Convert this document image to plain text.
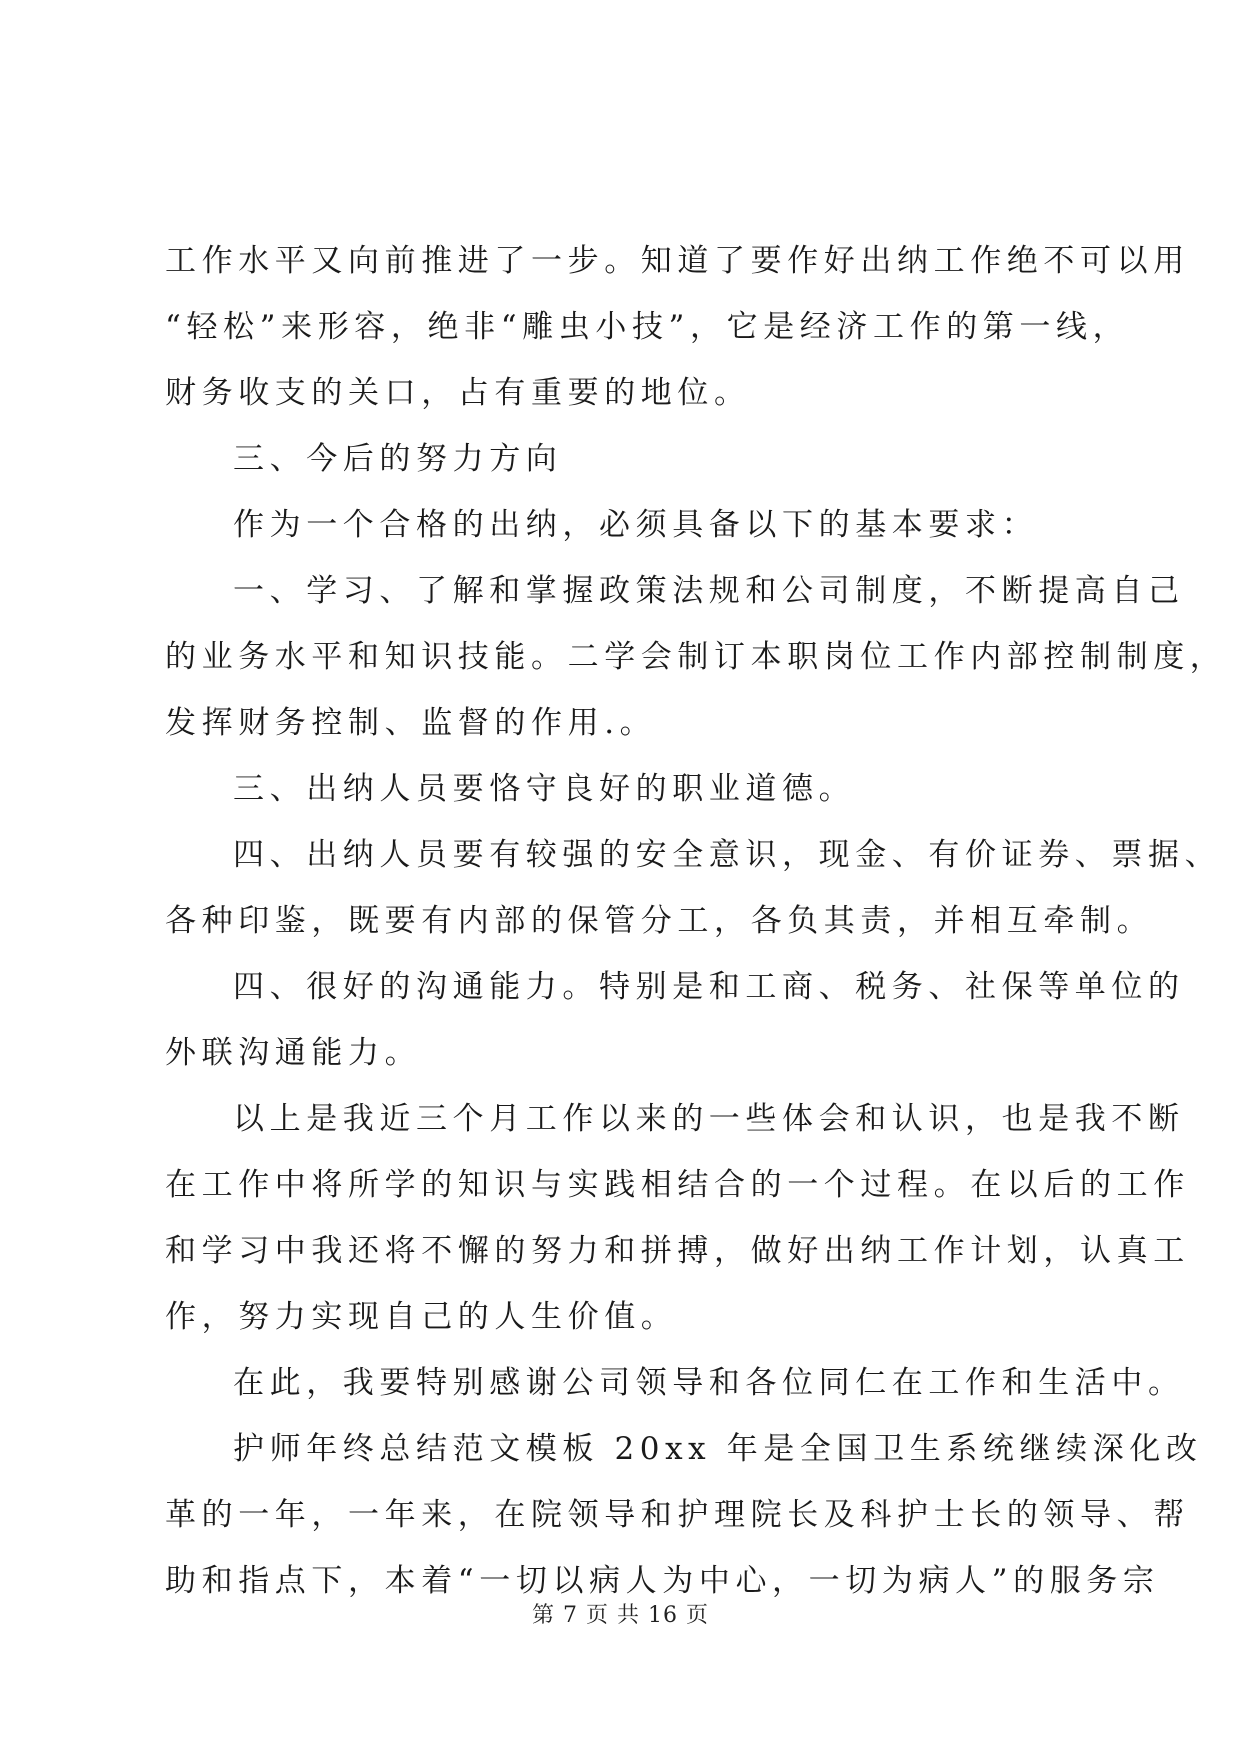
工作水平又向前推进了一步。知道了要作好出纳工作绝不可以用
“轻松”来形容，绝非“雕虫小技”，它是经济工作的第一线，
财务收支的关口，占有重要的地位。
三、今后的努力方向
作为一个合格的出纳，必须具备以下的基本要求：
一、学习、了解和掌握政策法规和公司制度，不断提高自己
的业务水平和知识技能。二学会制订本职岗位工作内部控制制度，
发挥财务控制、监督的作用.。
三、出纳人员要恪守良好的职业道德。
四、出纳人员要有较强的安全意识，现金、有价证券、票据、
各种印鉴，既要有内部的保管分工，各负其责，并相互牵制。
四、很好的沟通能力。特别是和工商、税务、社保等单位的
外联沟通能力。
以上是我近三个月工作以来的一些体会和认识，也是我不断
在工作中将所学的知识与实践相结合的一个过程。在以后的工作
和学习中我还将不懈的努力和拼搏，做好出纳工作计划，认真工
作，努力实现自己的人生价值。
在此，我要特别感谢公司领导和各位同仁在工作和生活中。
护师年终总结范文模板 20xx 年是全国卫生系统继续深化改
革的一年，一年来，在院领导和护理院长及科护士长的领导、帮
助和指点下，本着“一切以病人为中心，一切为病人”的服务宗
第 7 页 共 16 页
